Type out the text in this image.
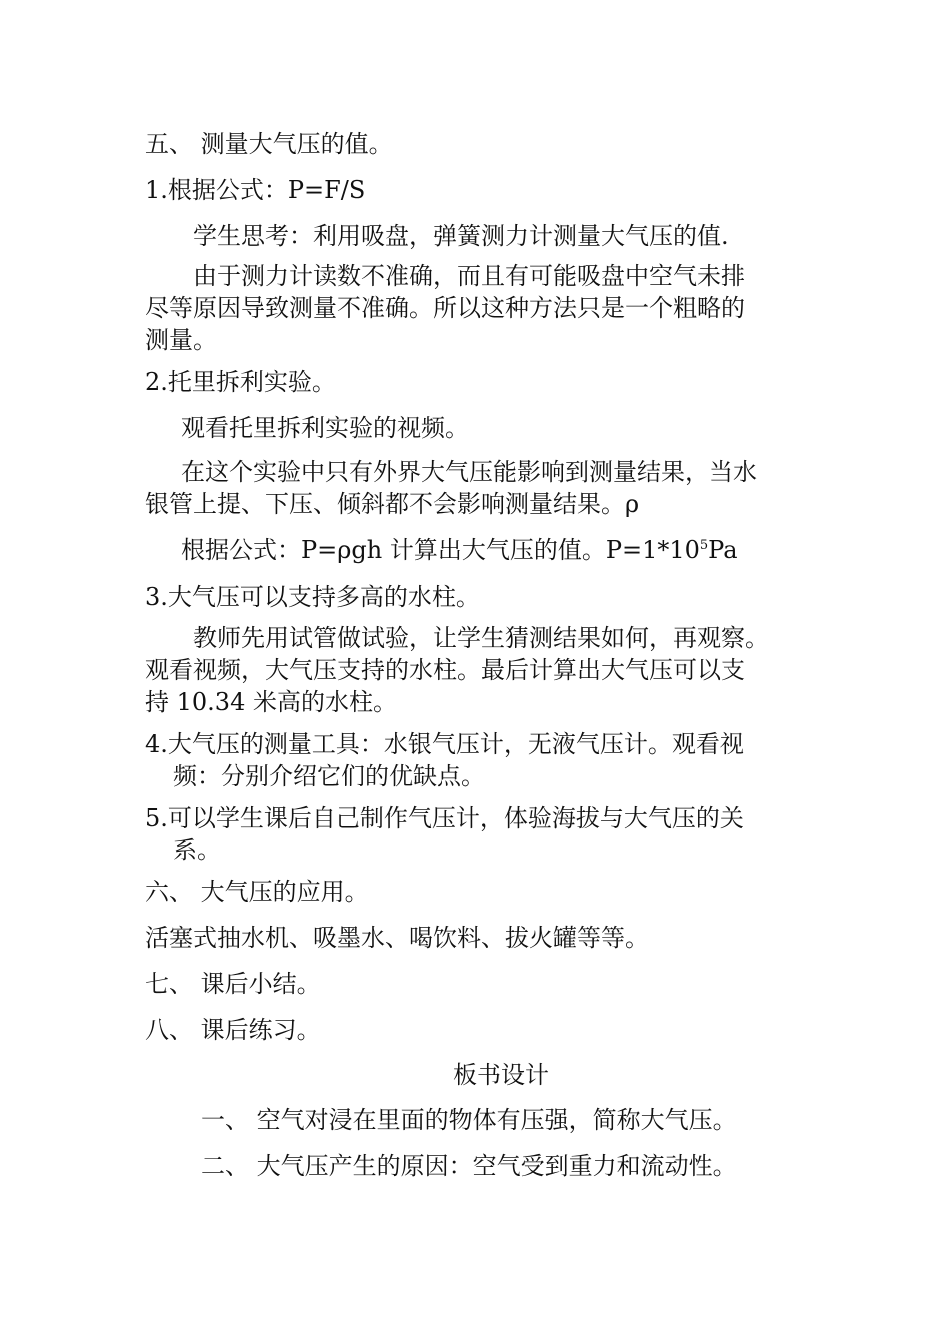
五、 测量大气压的值。

1.根据公式：P=F/S

学生思考：利用吸盘，弹簧测力计测量大气压的值.

由于测力计读数不准确，而且有可能吸盘中空气未排
尽等原因导致测量不准确。所以这种方法只是一个粗略的
测量。

2.托里拆利实验。

观看托里拆利实验的视频。

在这个实验中只有外界大气压能影响到测量结果，当水
银管上提、下压、倾斜都不会影响测量结果。ρ

根据公式：P=ρgh 计算出大气压的值。$P=1*10^5Pa$

3.大气压可以支持多高的水柱。

教师先用试管做试验，让学生猜测结果如何，再观察。
观看视频，大气压支持的水柱。最后计算出大气压可以支
持 10.34 米高的水柱。
4.大气压的测量工具：水银气压计，无液气压计。观看视
频：分别介绍它们的优缺点。
5.可以学生课后自己制作气压计，体验海拔与大气压的关
系。

六、 大气压的应用。

活塞式抽水机、吸墨水、喝饮料、拔火罐等等。

七、 课后小结。

八、 课后练习。

板书设计

一、 空气对浸在里面的物体有压强，简称大气压。

二、 大气压产生的原因：空气受到重力和流动性。
